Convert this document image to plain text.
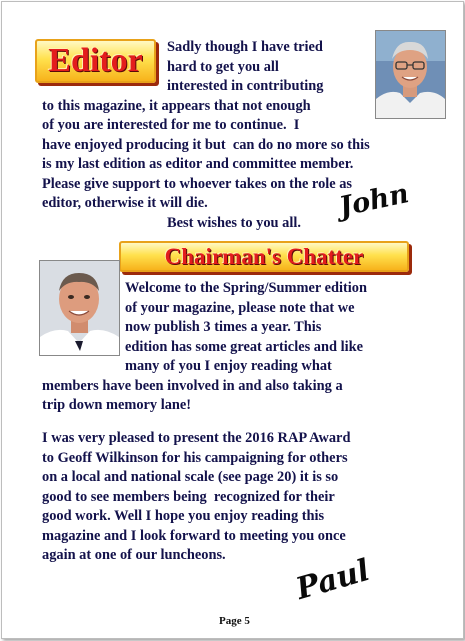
Editor	Sadly though I have tried
hard to get you all
interested in contributing
to this magazine, it appears that not enough
of you are interested for me to continue.  I
have enjoyed producing it but  can do no more so this
is my last edition as editor and committee member.
Please give support to whoever takes on the role as
editor, otherwise it will die.
Best wishes to you all. John
Chairman's Chatter
Welcome to the Spring/Summer edition
of your magazine, please note that we
now publish 3 times a year. This
edition has some great articles and like
many of you I enjoy reading what
members have been involved in and also taking a
trip down memory lane!
I was very pleased to present the 2016 RAP Award
to Geoff Wilkinson for his campaigning for others
on a local and national scale (see page 20) it is so
good to see members being  recognized for their
good work. Well I hope you enjoy reading this
magazine and I look forward to meeting you once
again at one of our luncheons. Paul
Page 5
